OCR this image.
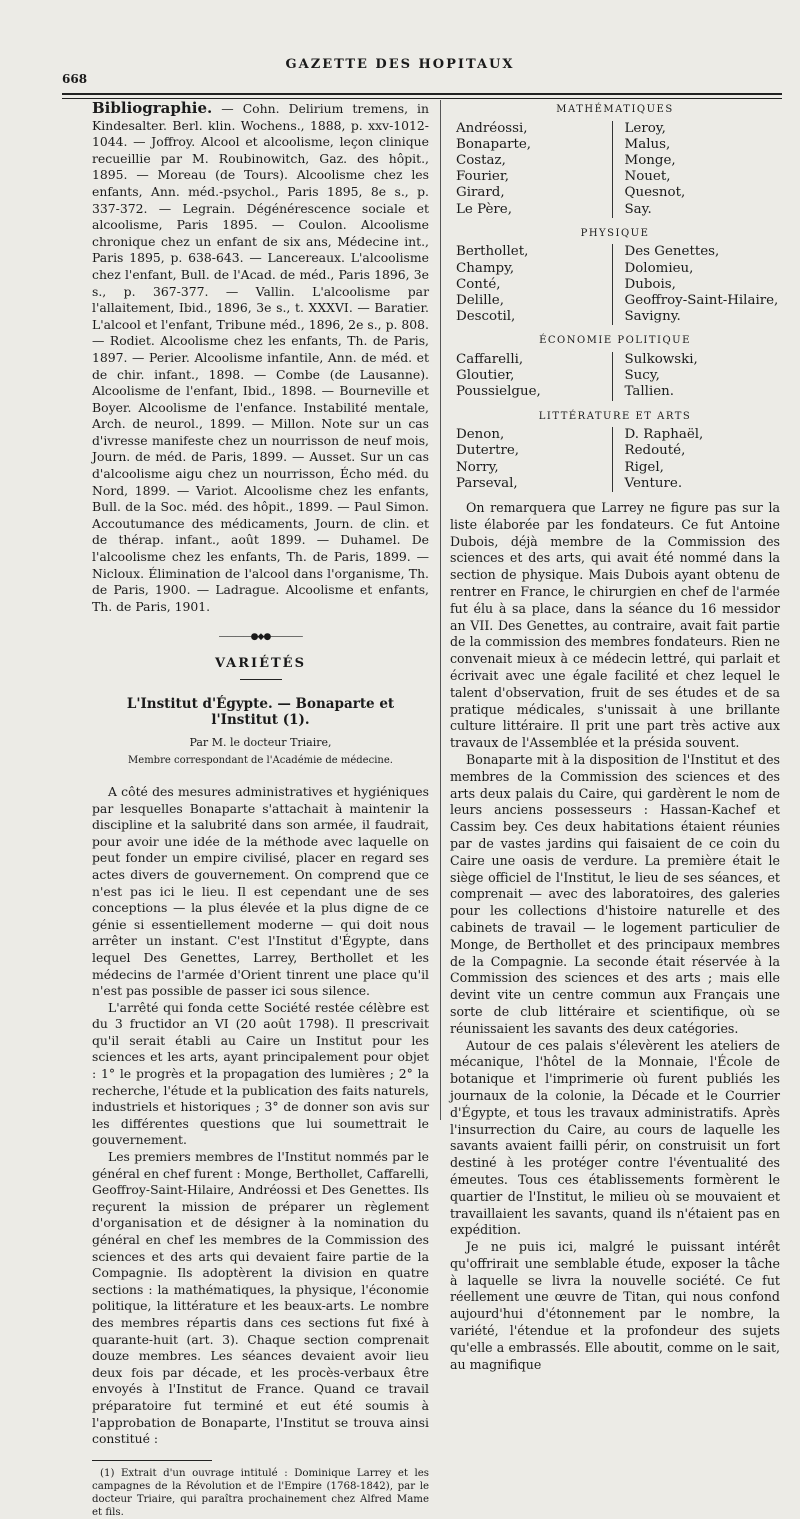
GAZETTE DES HOPITAUX
668

Bibliographie. — Cohn. Delirium tremens, in Kindesalter. Berl. klin. Wochens., 1888, p. xxv-1012-1044. — Joffroy. Alcool et alcoolisme, leçon clinique recueillie par M. Roubinowitch, Gaz. des hôpit., 1895. — Moreau (de Tours). Alcoolisme chez les enfants, Ann. méd.-psychol., Paris 1895, 8e s., p. 337-372. — Legrain. Dégénérescence sociale et alcoolisme, Paris 1895. — Coulon. Alcoolisme chronique chez un enfant de six ans, Médecine int., Paris 1895, p. 638-643. — Lancereaux. L'alcoolisme chez l'enfant, Bull. de l'Acad. de méd., Paris 1896, 3e s., p. 367-377. — Vallin. L'alcoolisme par l'allaitement, Ibid., 1896, 3e s., t. XXXVI. — Baratier. L'alcool et l'enfant, Tribune méd., 1896, 2e s., p. 808. — Rodiet. Alcoolisme chez les enfants, Th. de Paris, 1897. — Perier. Alcoolisme infantile, Ann. de méd. et de chir. infant., 1898. — Combe (de Lausanne). Alcoolisme de l'enfant, Ibid., 1898. — Bourneville et Boyer. Alcoolisme de l'enfance. Instabilité mentale, Arch. de neurol., 1899. — Millon. Note sur un cas d'ivresse manifeste chez un nourrisson de neuf mois, Journ. de méd. de Paris, 1899. — Ausset. Sur un cas d'alcoolisme aigu chez un nourrisson, Écho méd. du Nord, 1899. — Variot. Alcoolisme chez les enfants, Bull. de la Soc. méd. des hôpit., 1899. — Paul Simon. Accoutumance des médicaments, Journ. de clin. et de thérap. infant., août 1899. — Duhamel. De l'alcoolisme chez les enfants, Th. de Paris, 1899. — Nicloux. Élimination de l'alcool dans l'organisme, Th. de Paris, 1900. — Ladrague. Alcoolisme et enfants, Th. de Paris, 1901.

————●◆●————
VARIÉTÉS
L'Institut d'Égypte. — Bonaparte et l'Institut (1).
Par M. le docteur Triaire,
Membre correspondant de l'Académie de médecine.

A côté des mesures administratives et hygiéniques par lesquelles Bonaparte s'attachait à maintenir la discipline et la salubrité dans son armée, il faudrait, pour avoir une idée de la méthode avec laquelle on peut fonder un empire civilisé, placer en regard ses actes divers de gouvernement. On comprend que ce n'est pas ici le lieu. Il est cependant une de ses conceptions — la plus élevée et la plus digne de ce génie si essentiellement moderne — qui doit nous arrêter un instant. C'est l'Institut d'Égypte, dans lequel Des Genettes, Larrey, Berthollet et les médecins de l'armée d'Orient tinrent une place qu'il n'est pas possible de passer ici sous silence.

L'arrêté qui fonda cette Société restée célèbre est du 3 fructidor an VI (20 août 1798). Il prescrivait qu'il serait établi au Caire un Institut pour les sciences et les arts, ayant principalement pour objet : 1° le progrès et la propagation des lumières ; 2° la recherche, l'étude et la publication des faits naturels, industriels et historiques ; 3° de donner son avis sur les différentes questions que lui soumettrait le gouvernement.

Les premiers membres de l'Institut nommés par le général en chef furent : Monge, Berthollet, Caffarelli, Geoffroy-Saint-Hilaire, Andréossi et Des Genettes. Ils reçurent la mission de préparer un règlement d'organisation et de désigner à la nomination du général en chef les membres de la Commission des sciences et des arts qui devaient faire partie de la Compagnie. Ils adoptèrent la division en quatre sections : la mathématiques, la physique, l'économie politique, la littérature et les beaux-arts. Le nombre des membres répartis dans ces sections fut fixé à quarante-huit (art. 3). Chaque section comprenait douze membres. Les séances devaient avoir lieu deux fois par décade, et les procès-verbaux être envoyés à l'Institut de France. Quand ce travail préparatoire fut terminé et eut été soumis à l'approbation de Bonaparte, l'Institut se trouva ainsi constitué :

(1) Extrait d'un ouvrage intitulé : Dominique Larrey et les campagnes de la Révolution et de l'Empire (1768-1842), par le docteur Triaire, qui paraîtra prochainement chez Alfred Mame et fils.

MATHÉMATIQUES
Andréossi,
Bonaparte,
Costaz,
Fourier,
Girard,
Le Père,
Leroy,
Malus,
Monge,
Nouet,
Quesnot,
Say.
PHYSIQUE
Berthollet,
Champy,
Conté,
Delille,
Descotil,
Des Genettes,
Dolomieu,
Dubois,
Geoffroy-Saint-Hilaire,
Savigny.
ÉCONOMIE POLITIQUE
Caffarelli,
Gloutier,
Poussielgue,
Sulkowski,
Sucy,
Tallien.
LITTÉRATURE ET ARTS
Denon,
Dutertre,
Norry,
Parseval,
D. Raphaël,
Redouté,
Rigel,
Venture.

On remarquera que Larrey ne figure pas sur la liste élaborée par les fondateurs. Ce fut Antoine Dubois, déjà membre de la Commission des sciences et des arts, qui avait été nommé dans la section de physique. Mais Dubois ayant obtenu de rentrer en France, le chirurgien en chef de l'armée fut élu à sa place, dans la séance du 16 messidor an VII. Des Genettes, au contraire, avait fait partie de la commission des membres fondateurs. Rien ne convenait mieux à ce médecin lettré, qui parlait et écrivait avec une égale facilité et chez lequel le talent d'observation, fruit de ses études et de sa pratique médicales, s'unissait à une brillante culture littéraire. Il prit une part très active aux travaux de l'Assemblée et la présida souvent.

Bonaparte mit à la disposition de l'Institut et des membres de la Commission des sciences et des arts deux palais du Caire, qui gardèrent le nom de leurs anciens possesseurs : Hassan-Kachef et Cassim bey. Ces deux habitations étaient réunies par de vastes jardins qui faisaient de ce coin du Caire une oasis de verdure. La première était le siège officiel de l'Institut, le lieu de ses séances, et comprenait — avec des laboratoires, des galeries pour les collections d'histoire naturelle et des cabinets de travail — le logement particulier de Monge, de Berthollet et des principaux membres de la Compagnie. La seconde était réservée à la Commission des sciences et des arts ; mais elle devint vite un centre commun aux Français une sorte de club littéraire et scientifique, où se réunissaient les savants des deux catégories.

Autour de ces palais s'élevèrent les ateliers de mécanique, l'hôtel de la Monnaie, l'École de botanique et l'imprimerie où furent publiés les journaux de la colonie, la Décade et le Courrier d'Égypte, et tous les travaux administratifs. Après l'insurrection du Caire, au cours de laquelle les savants avaient failli périr, on construisit un fort destiné à les protéger contre l'éventualité des émeutes. Tous ces établissements formèrent le quartier de l'Institut, le milieu où se mouvaient et travaillaient les savants, quand ils n'étaient pas en expédition.

Je ne puis ici, malgré le puissant intérêt qu'offrirait une semblable étude, exposer la tâche à laquelle se livra la nouvelle société. Ce fut réellement une œuvre de Titan, qui nous confond aujourd'hui d'étonnement par le nombre, la variété, l'étendue et la profondeur des sujets qu'elle a embrassés. Elle aboutit, comme on le sait, au magnifique
